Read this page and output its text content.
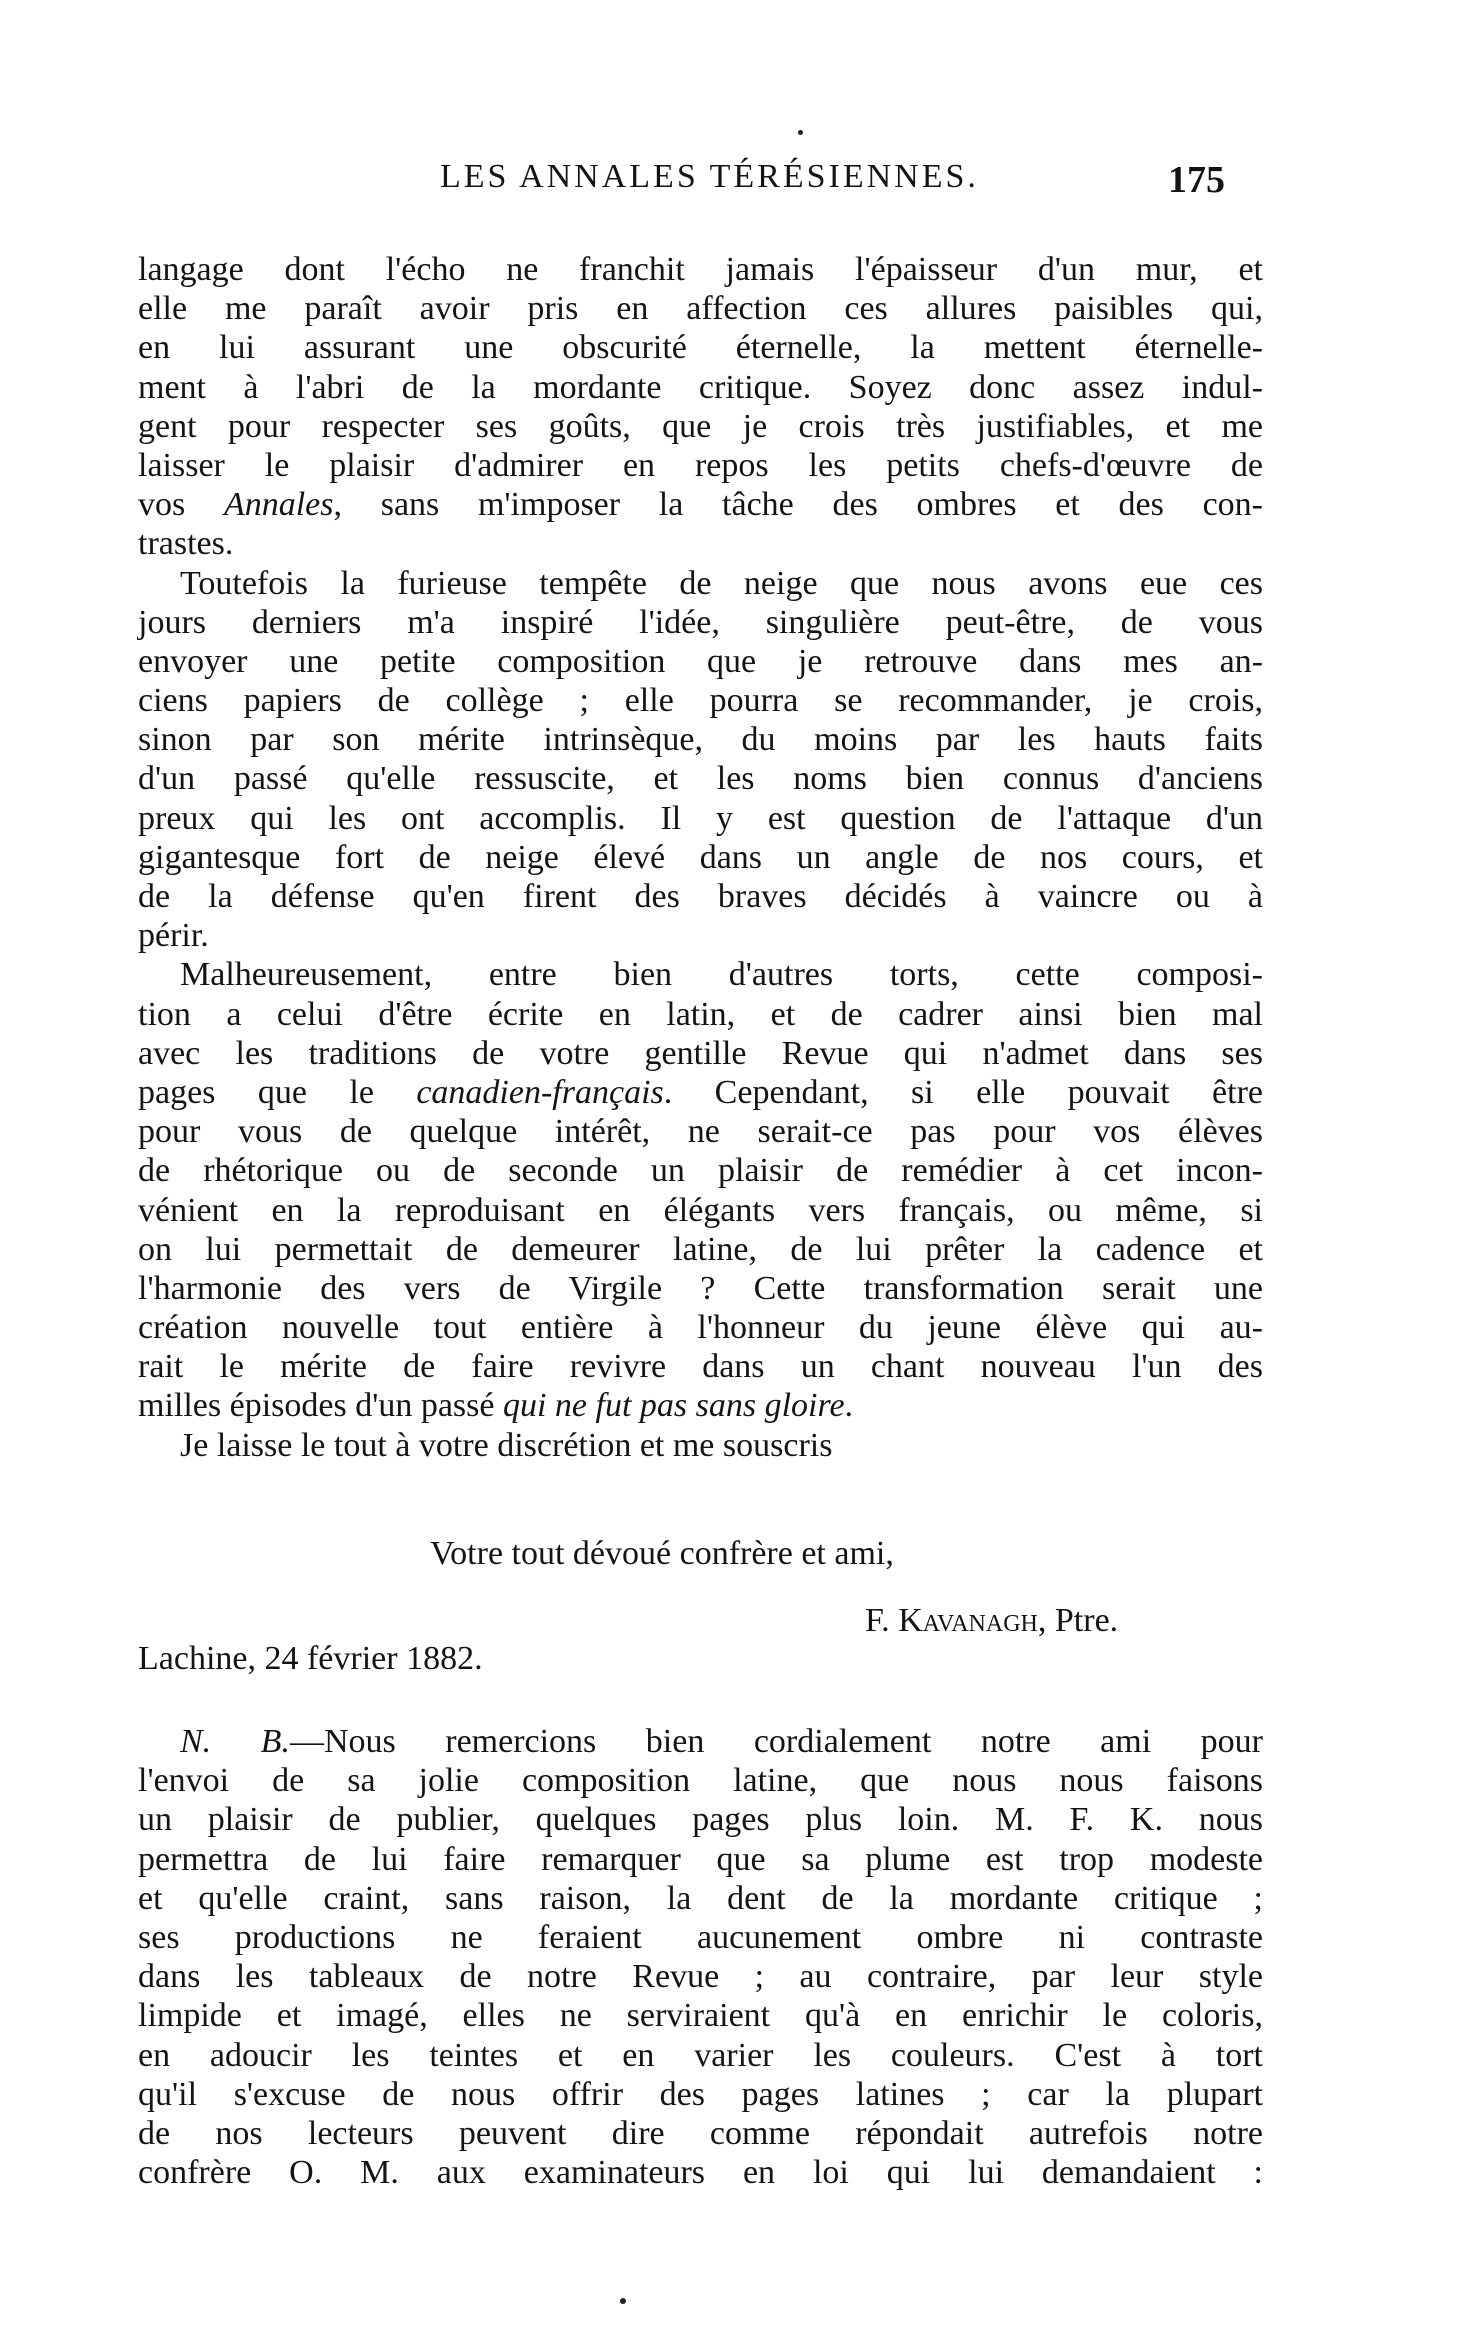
LES ANNALES TÉRÉSIENNES.	175
langage dont l'écho ne franchit jamais l'épaisseur d'un mur, et
elle me paraît avoir pris en affection ces allures paisibles qui,
en lui assurant une obscurité éternelle, la mettent éternelle-
ment à l'abri de la mordante critique. Soyez donc assez indul-
gent pour respecter ses goûts, que je crois très justifiables, et me
laisser le plaisir d'admirer en repos les petits chefs-d'œuvre de
vos Annales, sans m'imposer la tâche des ombres et des con-
trastes.
Toutefois la furieuse tempête de neige que nous avons eue ces
jours derniers m'a inspiré l'idée, singulière peut-être, de vous
envoyer une petite composition que je retrouve dans mes an-
ciens papiers de collège ; elle pourra se recommander, je crois,
sinon par son mérite intrinsèque, du moins par les hauts faits
d'un passé qu'elle ressuscite, et les noms bien connus d'anciens
preux qui les ont accomplis. Il y est question de l'attaque d'un
gigantesque fort de neige élevé dans un angle de nos cours, et
de la défense qu'en firent des braves décidés à vaincre ou à
périr.
Malheureusement, entre bien d'autres torts, cette composi-
tion a celui d'être écrite en latin, et de cadrer ainsi bien mal
avec les traditions de votre gentille Revue qui n'admet dans ses
pages que le canadien-français. Cependant, si elle pouvait être
pour vous de quelque intérêt, ne serait-ce pas pour vos élèves
de rhétorique ou de seconde un plaisir de remédier à cet incon-
vénient en la reproduisant en élégants vers français, ou même, si
on lui permettait de demeurer latine, de lui prêter la cadence et
l'harmonie des vers de Virgile ? Cette transformation serait une
création nouvelle tout entière à l'honneur du jeune élève qui au-
rait le mérite de faire revivre dans un chant nouveau l'un des
milles épisodes d'un passé qui ne fut pas sans gloire.
Je laisse le tout à votre discrétion et me souscris
Votre tout dévoué confrère et ami,
F. Kavanagh, Ptre.
Lachine, 24 février 1882.
N. B.—Nous remercions bien cordialement notre ami pour
l'envoi de sa jolie composition latine, que nous nous faisons
un plaisir de publier, quelques pages plus loin. M. F. K. nous
permettra de lui faire remarquer que sa plume est trop modeste
et qu'elle craint, sans raison, la dent de la mordante critique ;
ses productions ne feraient aucunement ombre ni contraste
dans les tableaux de notre Revue ; au contraire, par leur style
limpide et imagé, elles ne serviraient qu'à en enrichir le coloris,
en adoucir les teintes et en varier les couleurs. C'est à tort
qu'il s'excuse de nous offrir des pages latines ; car la plupart
de nos lecteurs peuvent dire comme répondait autrefois notre
confrère O. M. aux examinateurs en loi qui lui demandaient :
